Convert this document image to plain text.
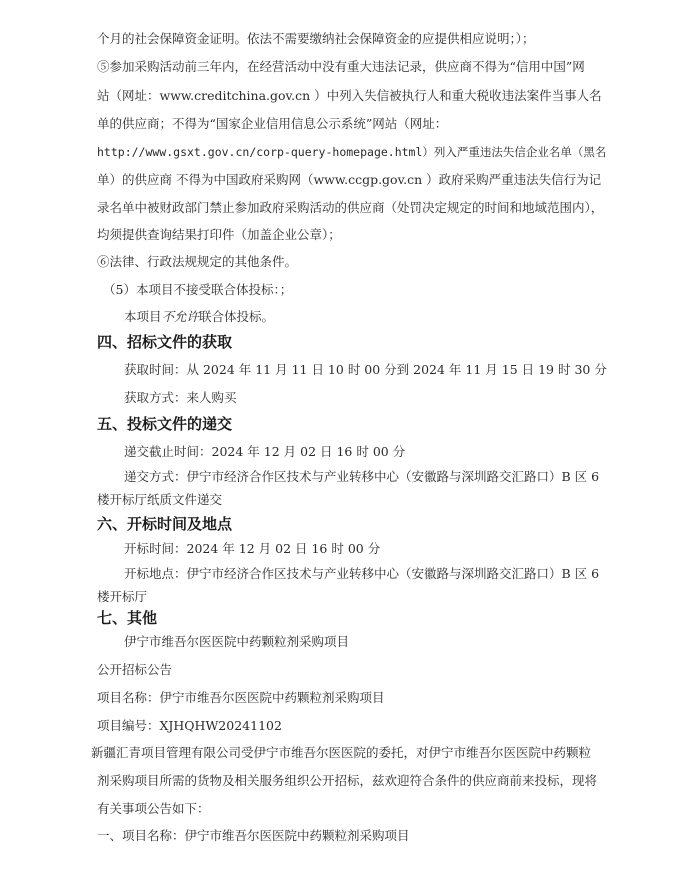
个月的社会保障资金证明。依法不需要缴纳社会保障资金的应提供相应说明；）；
⑤参加采购活动前三年内，在经营活动中没有重大违法记录，供应商不得为“信用中国”网
站（网址：www.creditchina.gov.cn ）中列入失信被执行人和重大税收违法案件当事人名
单的供应商；不得为“国家企业信用信息公示系统”网站（网址：
http://www.gsxt.gov.cn/corp-query-homepage.html）列入严重违法失信企业名单（黑名
单）的供应商 不得为中国政府采购网（www.ccgp.gov.cn ）政府采购严重违法失信行为记
录名单中被财政部门禁止参加政府采购活动的供应商（处罚决定规定的时间和地域范围内），
均须提供查询结果打印件（加盖企业公章）；
⑥法律、行政法规规定的其他条件。
（5）本项目不接受联合体投标：；
本项目不允许联合体投标。
四、招标文件的获取
获取时间：从 2024 年 11 月 11 日 10 时 00 分到 2024 年 11 月 15 日 19 时 30 分
获取方式：来人购买
五、投标文件的递交
递交截止时间：2024 年 12 月 02 日 16 时 00 分
递交方式：伊宁市经济合作区技术与产业转移中心（安徽路与深圳路交汇路口）B 区 6
楼开标厅纸质文件递交
六、开标时间及地点
开标时间：2024 年 12 月 02 日 16 时 00 分
开标地点：伊宁市经济合作区技术与产业转移中心（安徽路与深圳路交汇路口）B 区 6
楼开标厅
七、其他
伊宁市维吾尔医医院中药颗粒剂采购项目
公开招标公告
项目名称：伊宁市维吾尔医医院中药颗粒剂采购项目
项目编号：XJHQHW20241102
新疆汇青项目管理有限公司受伊宁市维吾尔医医院的委托，对伊宁市维吾尔医医院中药颗粒
剂采购项目所需的货物及相关服务组织公开招标，兹欢迎符合条件的供应商前来投标，现将
有关事项公告如下：
一、项目名称：伊宁市维吾尔医医院中药颗粒剂采购项目
